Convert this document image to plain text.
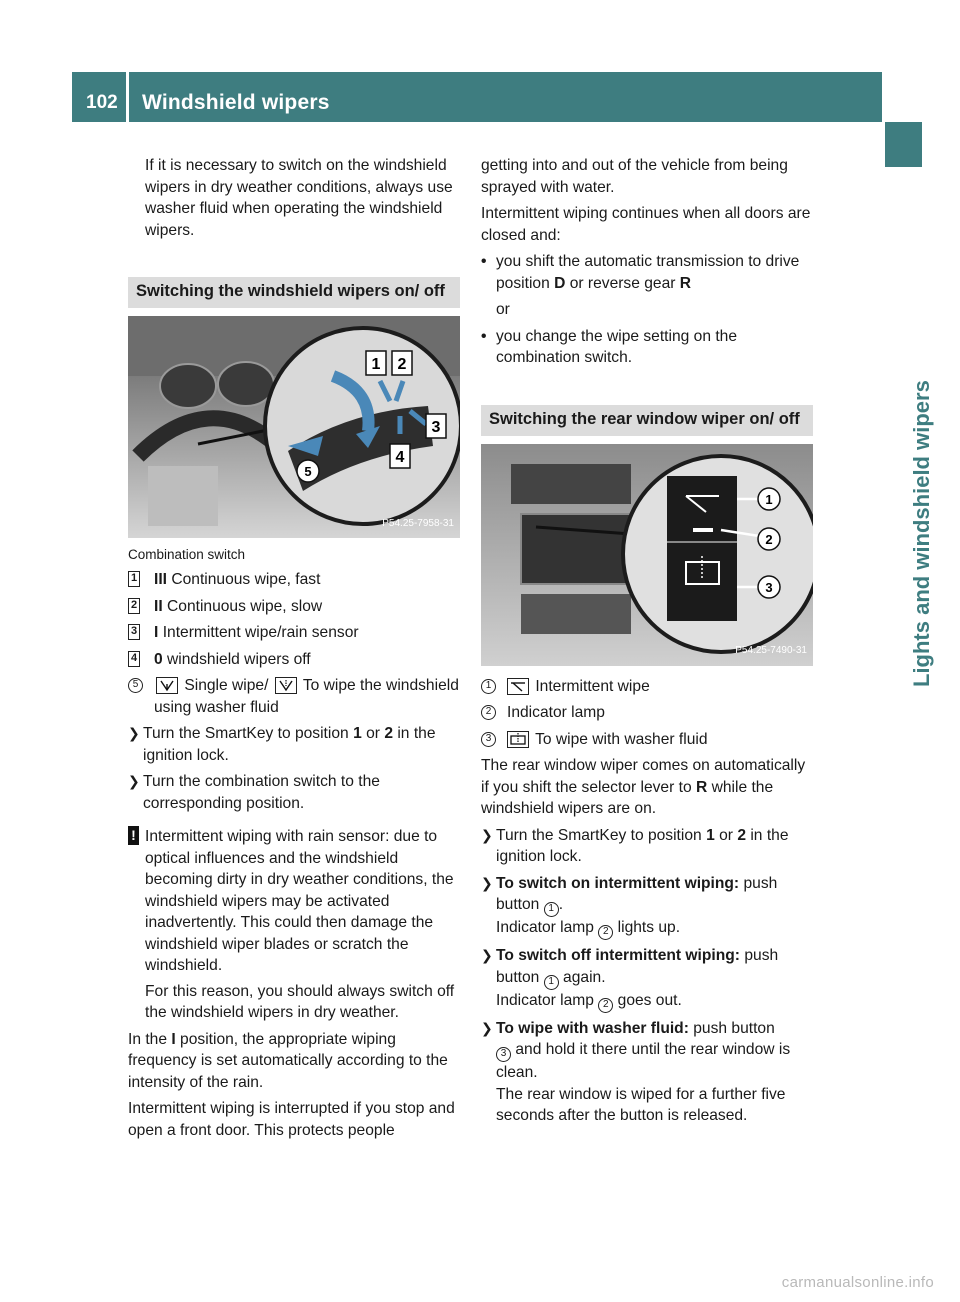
102	Windshield wipers
Lights and windshield wipers

If it is necessary to switch on the windshield wipers in dry weather conditions, always use washer fluid when operating the windshield wipers.

Switching the windshield wipers on/ off
1 2
3
4
5
P54.25-7958-31
Combination switch
1 III Continuous wipe, fast
2 II Continuous wipe, slow
3 I Intermittent wipe/rain sensor
4 0 windshield wipers off
5	Single wipe/ To wipe the windshield using washer fluid
❯ Turn the SmartKey to position 1 or 2 in the ignition lock.
❯ Turn the combination switch to the corresponding position.
! Intermittent wiping with rain sensor: due to optical influences and the windshield becoming dirty in dry weather conditions, the windshield wipers may be activated inadvertently. This could then damage the windshield wiper blades or scratch the windshield.

For this reason, you should always switch off the windshield wipers in dry weather.

In the I position, the appropriate wiping frequency is set automatically according to the intensity of the rain.

Intermittent wiping is interrupted if you stop and open a front door. This protects people

getting into and out of the vehicle from being sprayed with water.

Intermittent wiping continues when all doors are closed and:

• you shift the automatic transmission to drive position D or reverse gear R

or

• you change the wipe setting on the combination switch.
Switching the rear window wiper on/ off
1
2
3
P54.25-7490-31
1	Intermittent wipe
2	Indicator lamp
3	To wipe with washer fluid

The rear window wiper comes on automatically if you shift the selector lever to R while the windshield wipers are on.

❯ Turn the SmartKey to position 1 or 2 in the ignition lock.
❯ To switch on intermittent wiping: push button 1 .
Indicator lamp 2 lights up.
❯ To switch off intermittent wiping: push button 1 again.
Indicator lamp 2 goes out.
❯ To wipe with washer fluid: push button
3 and hold it there until the rear window is clean.
The rear window is wiped for a further five seconds after the button is released.
carmanualsonline.info
